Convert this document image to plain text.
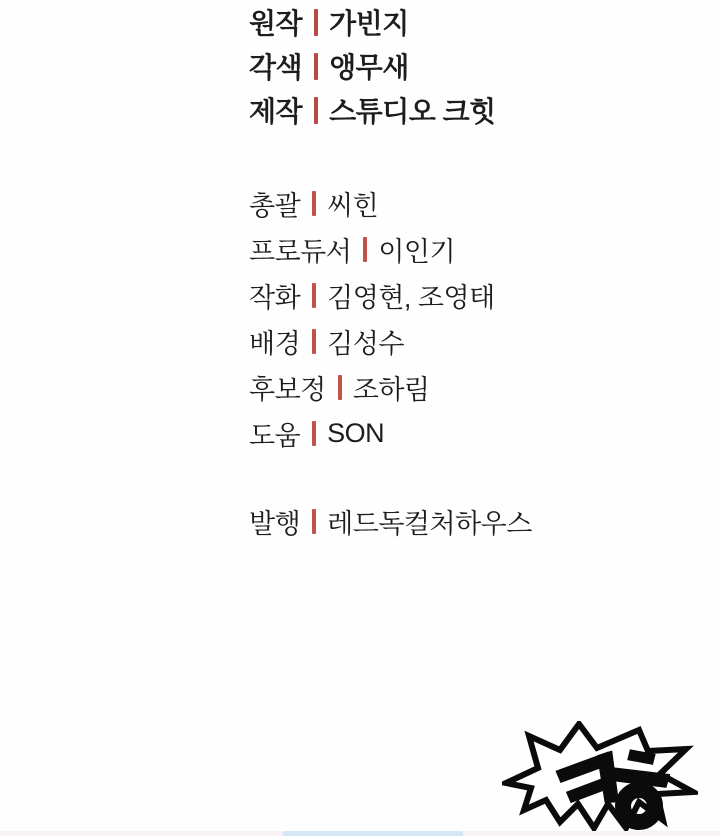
원작 가빈지
각색 앵무새
제작 스튜디오 크힛
총괄 씨힌
프로듀서 이인기
작화 김영현, 조영태
배경 김성수
후보정 조하림
도움 SON
발행 레드독컬처하우스
